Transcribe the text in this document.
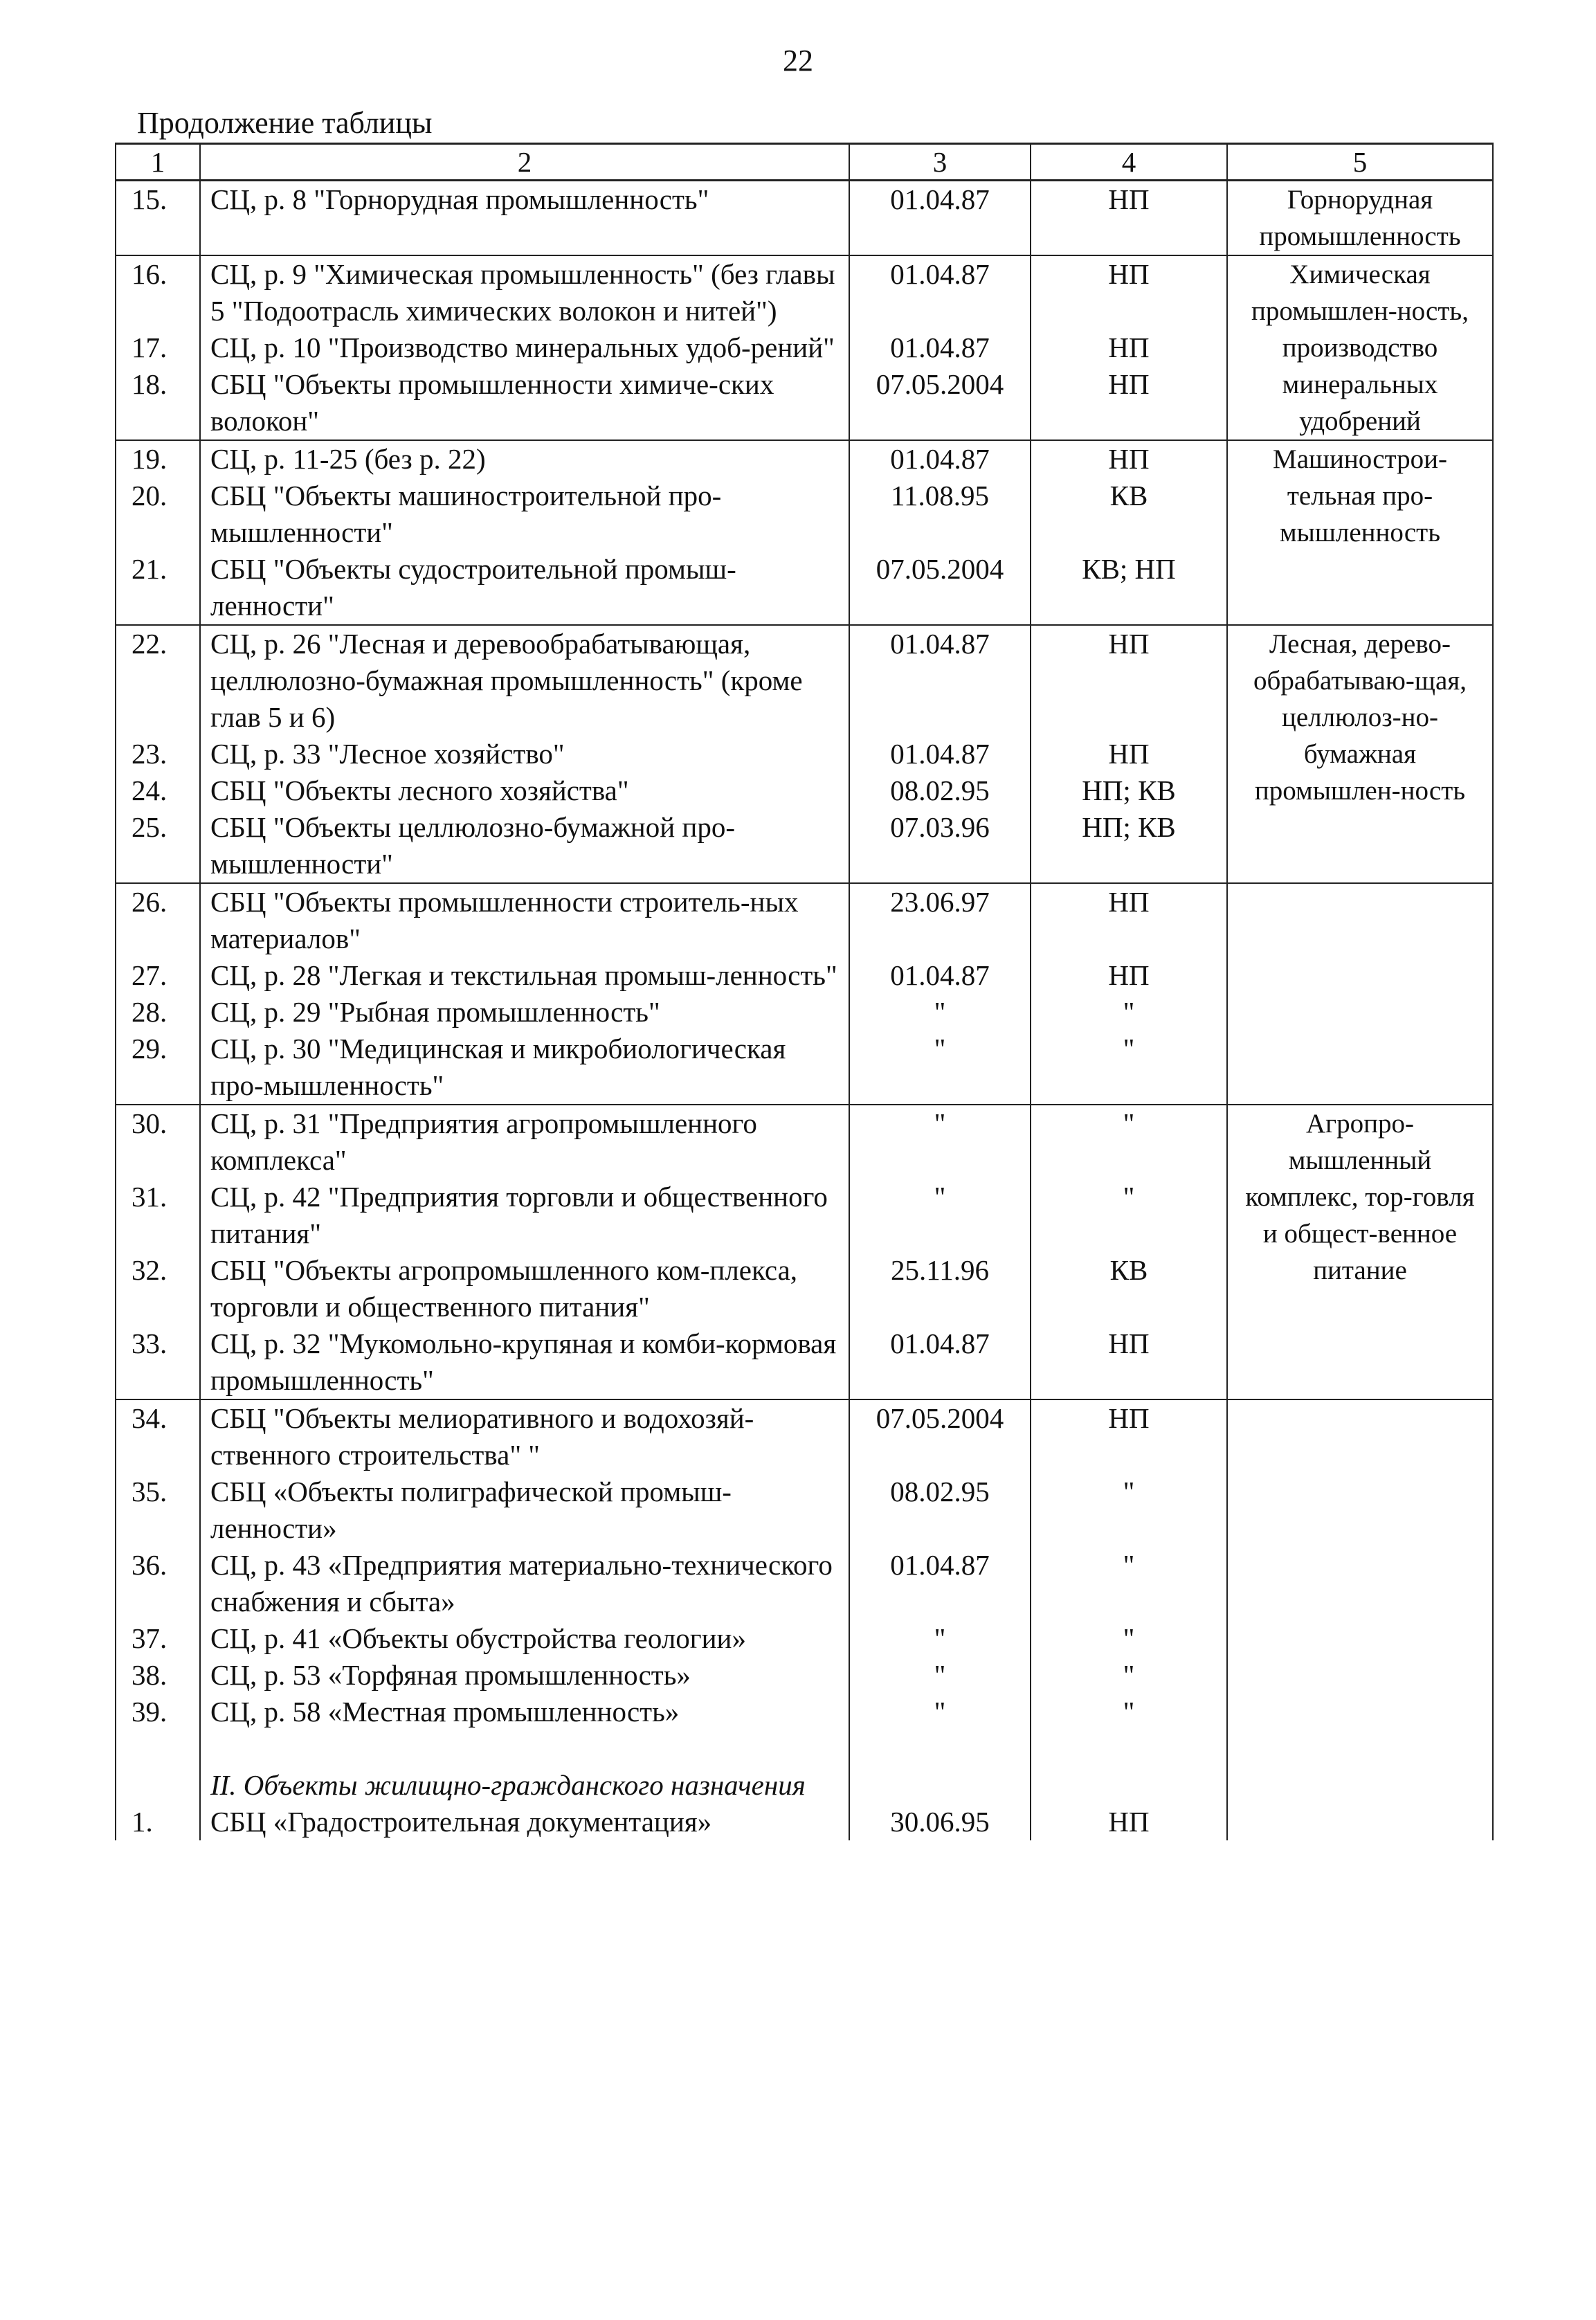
22
Продолжение таблицы
1	2	3	4	5	
15.	СЦ, р. 8 "Горнорудная промышленность"	01.04.87	НП	Горнорудная промышленность	
16.	СЦ, р. 9 "Химическая промышленность" (без главы 5 "Подоотрасль химических волокон и нитей")	01.04.87	НП	Химическая промышлен-ность, производство минеральных удобрений	
17.	СЦ, р. 10 "Производство минеральных удоб-рений"	01.04.87	НП		
18.	СБЦ "Объекты промышленности химиче-ских волокон"	07.05.2004	НП		
19.	СЦ, р. 11-25 (без р. 22)	01.04.87	НП	Машинострои-тельная про-мышленность	
20.	СБЦ "Объекты машиностроительной про-мышленности"	11.08.95	КВ		
21.	СБЦ "Объекты судостроительной промыш-ленности"	07.05.2004	КВ; НП		
22.	СЦ, р. 26 "Лесная и деревообрабатывающая, целлюлозно-бумажная промышленность" (кроме глав 5 и 6)	01.04.87	НП	Лесная, дерево-обрабатываю-щая, целлюлоз-но-бумажная промышлен-ность	
23.	СЦ, р. 33 "Лесное хозяйство"	01.04.87	НП		
24.	СБЦ "Объекты лесного хозяйства"	08.02.95	НП; КВ		
25.	СБЦ "Объекты целлюлозно-бумажной про-мышленности"	07.03.96	НП; КВ		
26.	СБЦ "Объекты промышленности строитель-ных материалов"	23.06.97	НП		
27.	СЦ, р. 28 "Легкая и текстильная промыш-ленность"	01.04.87	НП		
28.	СЦ, р. 29 "Рыбная промышленность"	"	"		
29.	СЦ, р. 30 "Медицинская и микробиологическая про-мышленность"	"	"		
30.	СЦ, р. 31 "Предприятия агропромышленного комплекса"	"	"	Агропро-мышленный комплекс, тор-говля и общест-венное питание	
31.	СЦ, р. 42 "Предприятия торговли и общественного питания"	"	"		
32.	СБЦ "Объекты агропромышленного ком-плекса, торговли и общественного питания"	25.11.96	КВ		
33.	СЦ, р. 32 "Мукомольно-крупяная и комби-кормовая промышленность"	01.04.87	НП		
34.	СБЦ "Объекты мелиоративного и водохозяй-ственного строительства" "	07.05.2004	НП		
35.	СБЦ «Объекты полиграфической промыш-ленности»	08.02.95	"		
36.	СЦ, р. 43 «Предприятия материально-технического снабжения и сбыта»	01.04.87	"		
37.	СЦ, р. 41 «Объекты обустройства геологии»	"	"		
38.	СЦ, р. 53 «Торфяная промышленность»	"	"		
39.	СЦ, р. 58 «Местная промышленность»	"	"		

	II. Объекты жилищно-гражданского назначения				
1.	СБЦ «Градостроительная документация»	30.06.95	НП		
